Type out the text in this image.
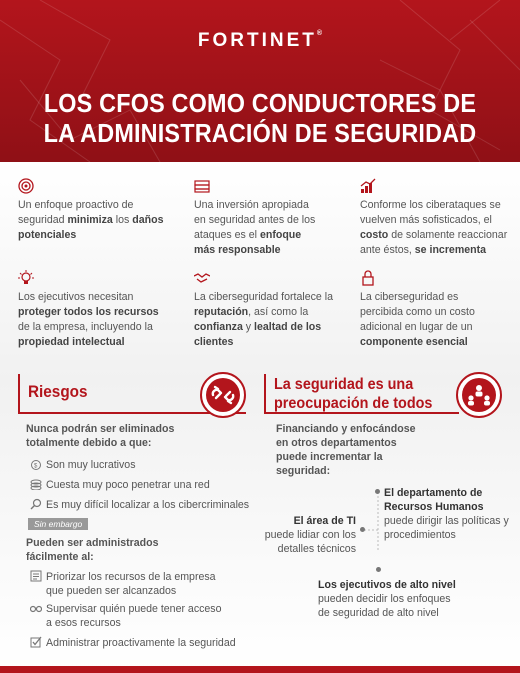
FORTINET®
LOS CFOS COMO CONDUCTORES DE
LA ADMINISTRACIÓN DE SEGURIDAD
Un enfoque proactivo de seguridad minimiza los daños potenciales
Una inversión apropiada en seguridad antes de los ataques es el enfoque más responsable
Conforme los ciberataques se vuelven más sofisticados, el costo de solamente reaccionar ante éstos, se incrementa
Los ejecutivos necesitan proteger todos los recursos de la empresa, incluyendo la propiedad intelectual
La ciberseguridad fortalece la reputación, así como la confianza y lealtad de los clientes
La ciberseguridad es percibida como un costo adicional en lugar de un componente esencial
Riesgos
Nunca podrán ser eliminados totalmente debido a que:
$ Son muy lucrativos
Cuesta muy poco penetrar una red
Es muy difícil localizar a los cibercriminales
Sin embargo
Pueden ser administrados fácilmente al:
Priorizar los recursos de la empresa que pueden ser alcanzados
Supervisar quién puede tener acceso a esos recursos
Administrar proactivamente la seguridad
La seguridad es una preocupación de todos
Financiando y enfocándose en otros departamentos puede incrementar la seguridad:
El departamento de Recursos Humanos
puede dirigir las políticas y procedimientos
El área de TI
puede lidiar con los detalles técnicos
Los ejecutivos de alto nivel
pueden decidir los enfoques de seguridad de alto nivel
